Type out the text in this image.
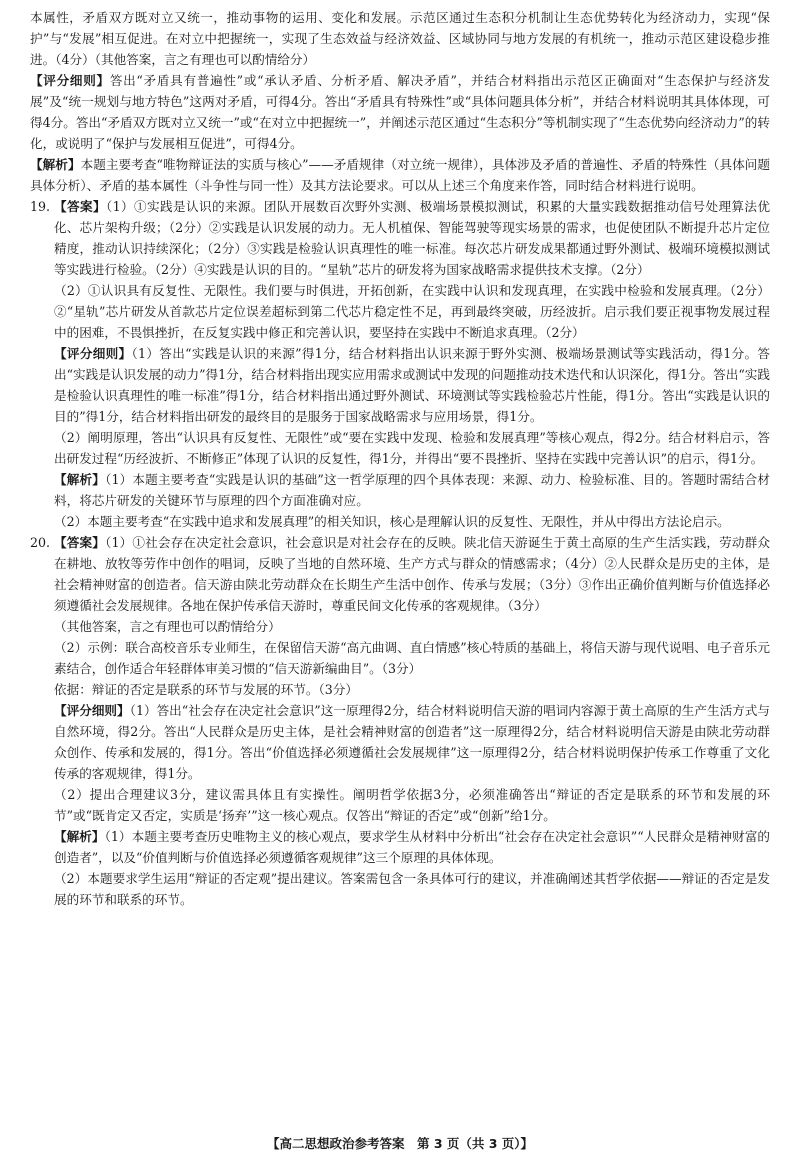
本属性，矛盾双方既对立又统一，推动事物的运用、变化和发展。示范区通过生态积分机制让生态优势转化为经济动力，实现“保护”与“发展”相互促进。在对立中把握统一，实现了生态效益与经济效益、区域协同与地方发展的有机统一，推动示范区建设稳步推进。（4分）（其他答案，言之有理也可以酌情给分）

【评分细则】答出“矛盾具有普遍性”或“承认矛盾、分析矛盾、解决矛盾”，并结合材料指出示范区正确面对“生态保护与经济发展”及“统一规划与地方特色”这两对矛盾，可得4分。答出“矛盾具有特殊性”或“具体问题具体分析”，并结合材料说明其具体体现，可得4分。答出“矛盾双方既对立又统一”或“在对立中把握统一”，并阐述示范区通过“生态积分”等机制实现了“生态优势向经济动力”的转化，或说明了“保护与发展相互促进”，可得4分。

【解析】本题主要考查“唯物辩证法的实质与核心”——矛盾规律（对立统一规律），具体涉及矛盾的普遍性、矛盾的特殊性（具体问题具体分析）、矛盾的基本属性（斗争性与同一性）及其方法论要求。可以从上述三个角度来作答，同时结合材料进行说明。

19. 【答案】（1）①实践是认识的来源。团队开展数百次野外实测、极端场景模拟测试，积累的大量实践数据推动信号处理算法优化、芯片架构升级；（2分）②实践是认识发展的动力。无人机植保、智能驾驶等现实场景的需求，也促使团队不断提升芯片定位精度，推动认识持续深化；（2分）③实践是检验认识真理性的唯一标准。每次芯片研发成果都通过野外测试、极端环境模拟测试等实践进行检验。（2分）④实践是认识的目的。“星轨”芯片的研发将为国家战略需求提供技术支撑。（2分）

（2）①认识具有反复性、无限性。我们要与时俱进，开拓创新，在实践中认识和发现真理，在实践中检验和发展真理。（2分）②“星轨”芯片研发从首款芯片定位误差超标到第二代芯片稳定性不足，再到最终突破，历经波折。启示我们要正视事物发展过程中的困难，不畏惧挫折，在反复实践中修正和完善认识，要坚持在实践中不断追求真理。（2分）

【评分细则】（1）答出“实践是认识的来源”得1分，结合材料指出认识来源于野外实测、极端场景测试等实践活动，得1分。答出“实践是认识发展的动力”得1分，结合材料指出现实应用需求或测试中发现的问题推动技术迭代和认识深化，得1分。答出“实践是检验认识真理性的唯一标准”得1分，结合材料指出通过野外测试、环境测试等实践检验芯片性能，得1分。答出“实践是认识的目的”得1分，结合材料指出研发的最终目的是服务于国家战略需求与应用场景，得1分。

（2）阐明原理，答出“认识具有反复性、无限性”或“要在实践中发现、检验和发展真理”等核心观点，得2分。结合材料启示，答出研发过程“历经波折、不断修正”体现了认识的反复性，得1分，并得出“要不畏挫折、坚持在实践中完善认识”的启示，得1分。

【解析】（1）本题主要考查“实践是认识的基础”这一哲学原理的四个具体表现：来源、动力、检验标准、目的。答题时需结合材料，将芯片研发的关键环节与原理的四个方面准确对应。

（2）本题主要考查“在实践中追求和发展真理”的相关知识，核心是理解认识的反复性、无限性，并从中得出方法论启示。

20. 【答案】（1）①社会存在决定社会意识，社会意识是对社会存在的反映。陕北信天游诞生于黄土高原的生产生活实践，劳动群众在耕地、放牧等劳作中创作的唱词，反映了当地的自然环境、生产方式与群众的情感需求；（4分）②人民群众是历史的主体，是社会精神财富的创造者。信天游由陕北劳动群众在长期生产生活中创作、传承与发展；（3分）③作出正确价值判断与价值选择必须遵循社会发展规律。各地在保护传承信天游时，尊重民间文化传承的客观规律。（3分）

（其他答案，言之有理也可以酌情给分）

（2）示例：联合高校音乐专业师生，在保留信天游“高亢曲调、直白情感”核心特质的基础上，将信天游与现代说唱、电子音乐元素结合，创作适合年轻群体审美习惯的“信天游新编曲目”。（3分）

依据：辩证的否定是联系的环节与发展的环节。（3分）

【评分细则】（1）答出“社会存在决定社会意识”这一原理得2分，结合材料说明信天游的唱词内容源于黄土高原的生产生活方式与自然环境，得2分。答出“人民群众是历史主体，是社会精神财富的创造者”这一原理得2分，结合材料说明信天游是由陕北劳动群众创作、传承和发展的，得1分。答出“价值选择必须遵循社会发展规律”这一原理得2分，结合材料说明保护传承工作尊重了文化传承的客观规律，得1分。

（2）提出合理建议3分，建议需具体且有实操性。阐明哲学依据3分，必须准确答出“辩证的否定是联系的环节和发展的环节”或“既肯定又否定，实质是‘扬弃’”这一核心观点。仅答出“辩证的否定”或“创新”给1分。

【解析】（1）本题主要考查历史唯物主义的核心观点，要求学生从材料中分析出“社会存在决定社会意识”“人民群众是精神财富的创造者”，以及“价值判断与价值选择必须遵循客观规律”这三个原理的具体体现。

（2）本题要求学生运用“辩证的否定观”提出建议。答案需包含一条具体可行的建议，并准确阐述其哲学依据——辩证的否定是发展的环节和联系的环节。

【高二思想政治参考答案　第 3 页（共 3 页）】
